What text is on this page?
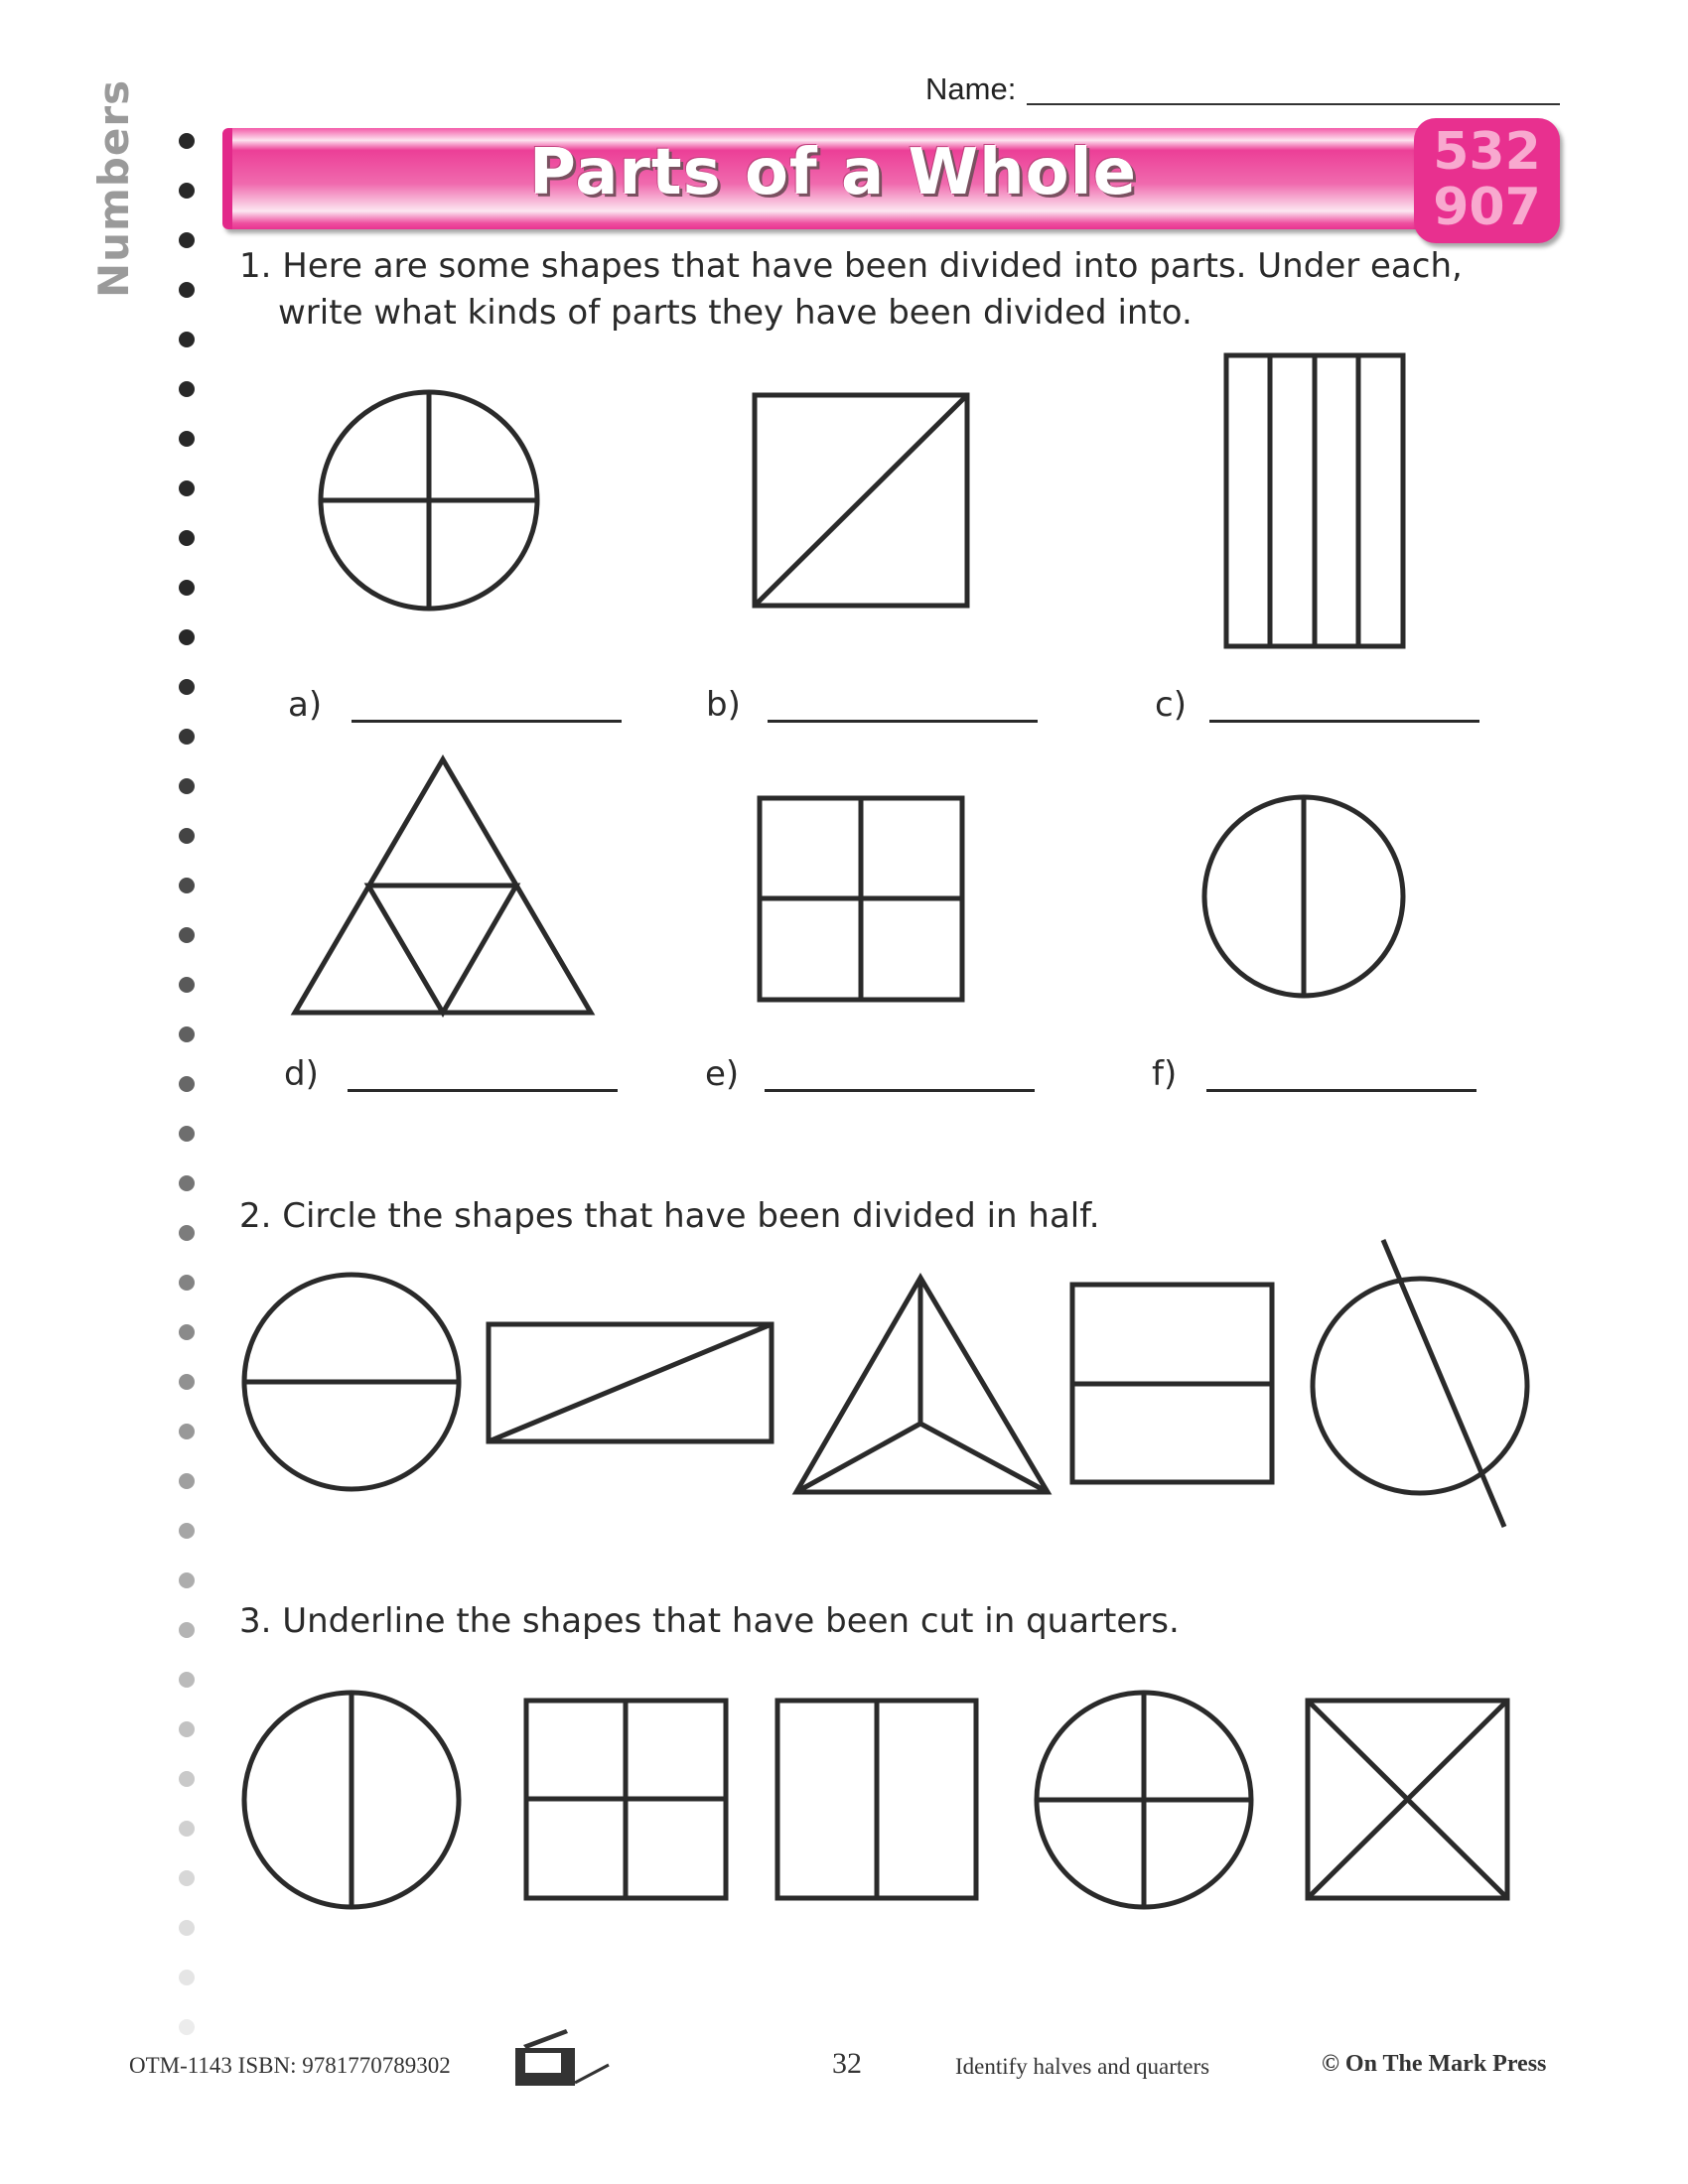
Name:
Numbers	Parts of a Whole	532
907
1. Here are some shapes that have been divided into parts. Under each,
write what kinds of parts they have been divided into.
a)	b)	c)
d)	e)	f)
2. Circle the shapes that have been divided in half.
3. Underline the shapes that have been cut in quarters.
OTM-1143 ISBN: 9781770789302	32	Identify halves and quarters	© On The Mark Press
